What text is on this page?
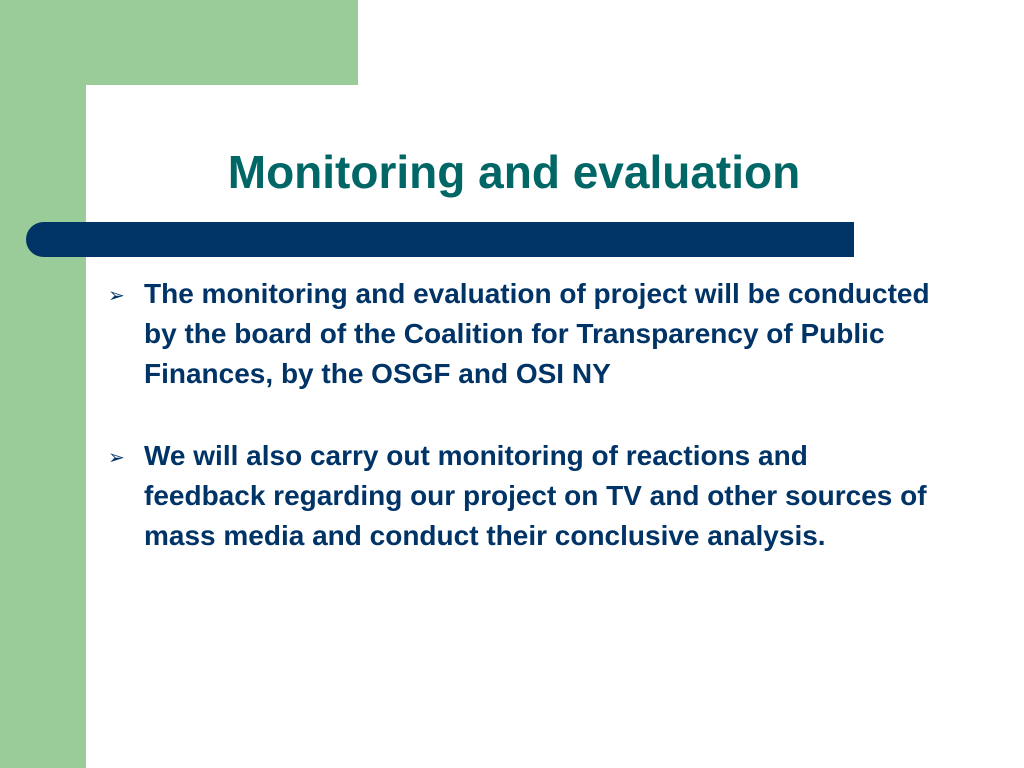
Monitoring and evaluation
➢ The monitoring and evaluation of project will be conducted by the board of the Coalition for Transparency of Public Finances, by the OSGF and OSI NY
➢ We will also carry out monitoring of reactions and feedback regarding our project on TV and other sources of mass media and conduct their conclusive analysis.
